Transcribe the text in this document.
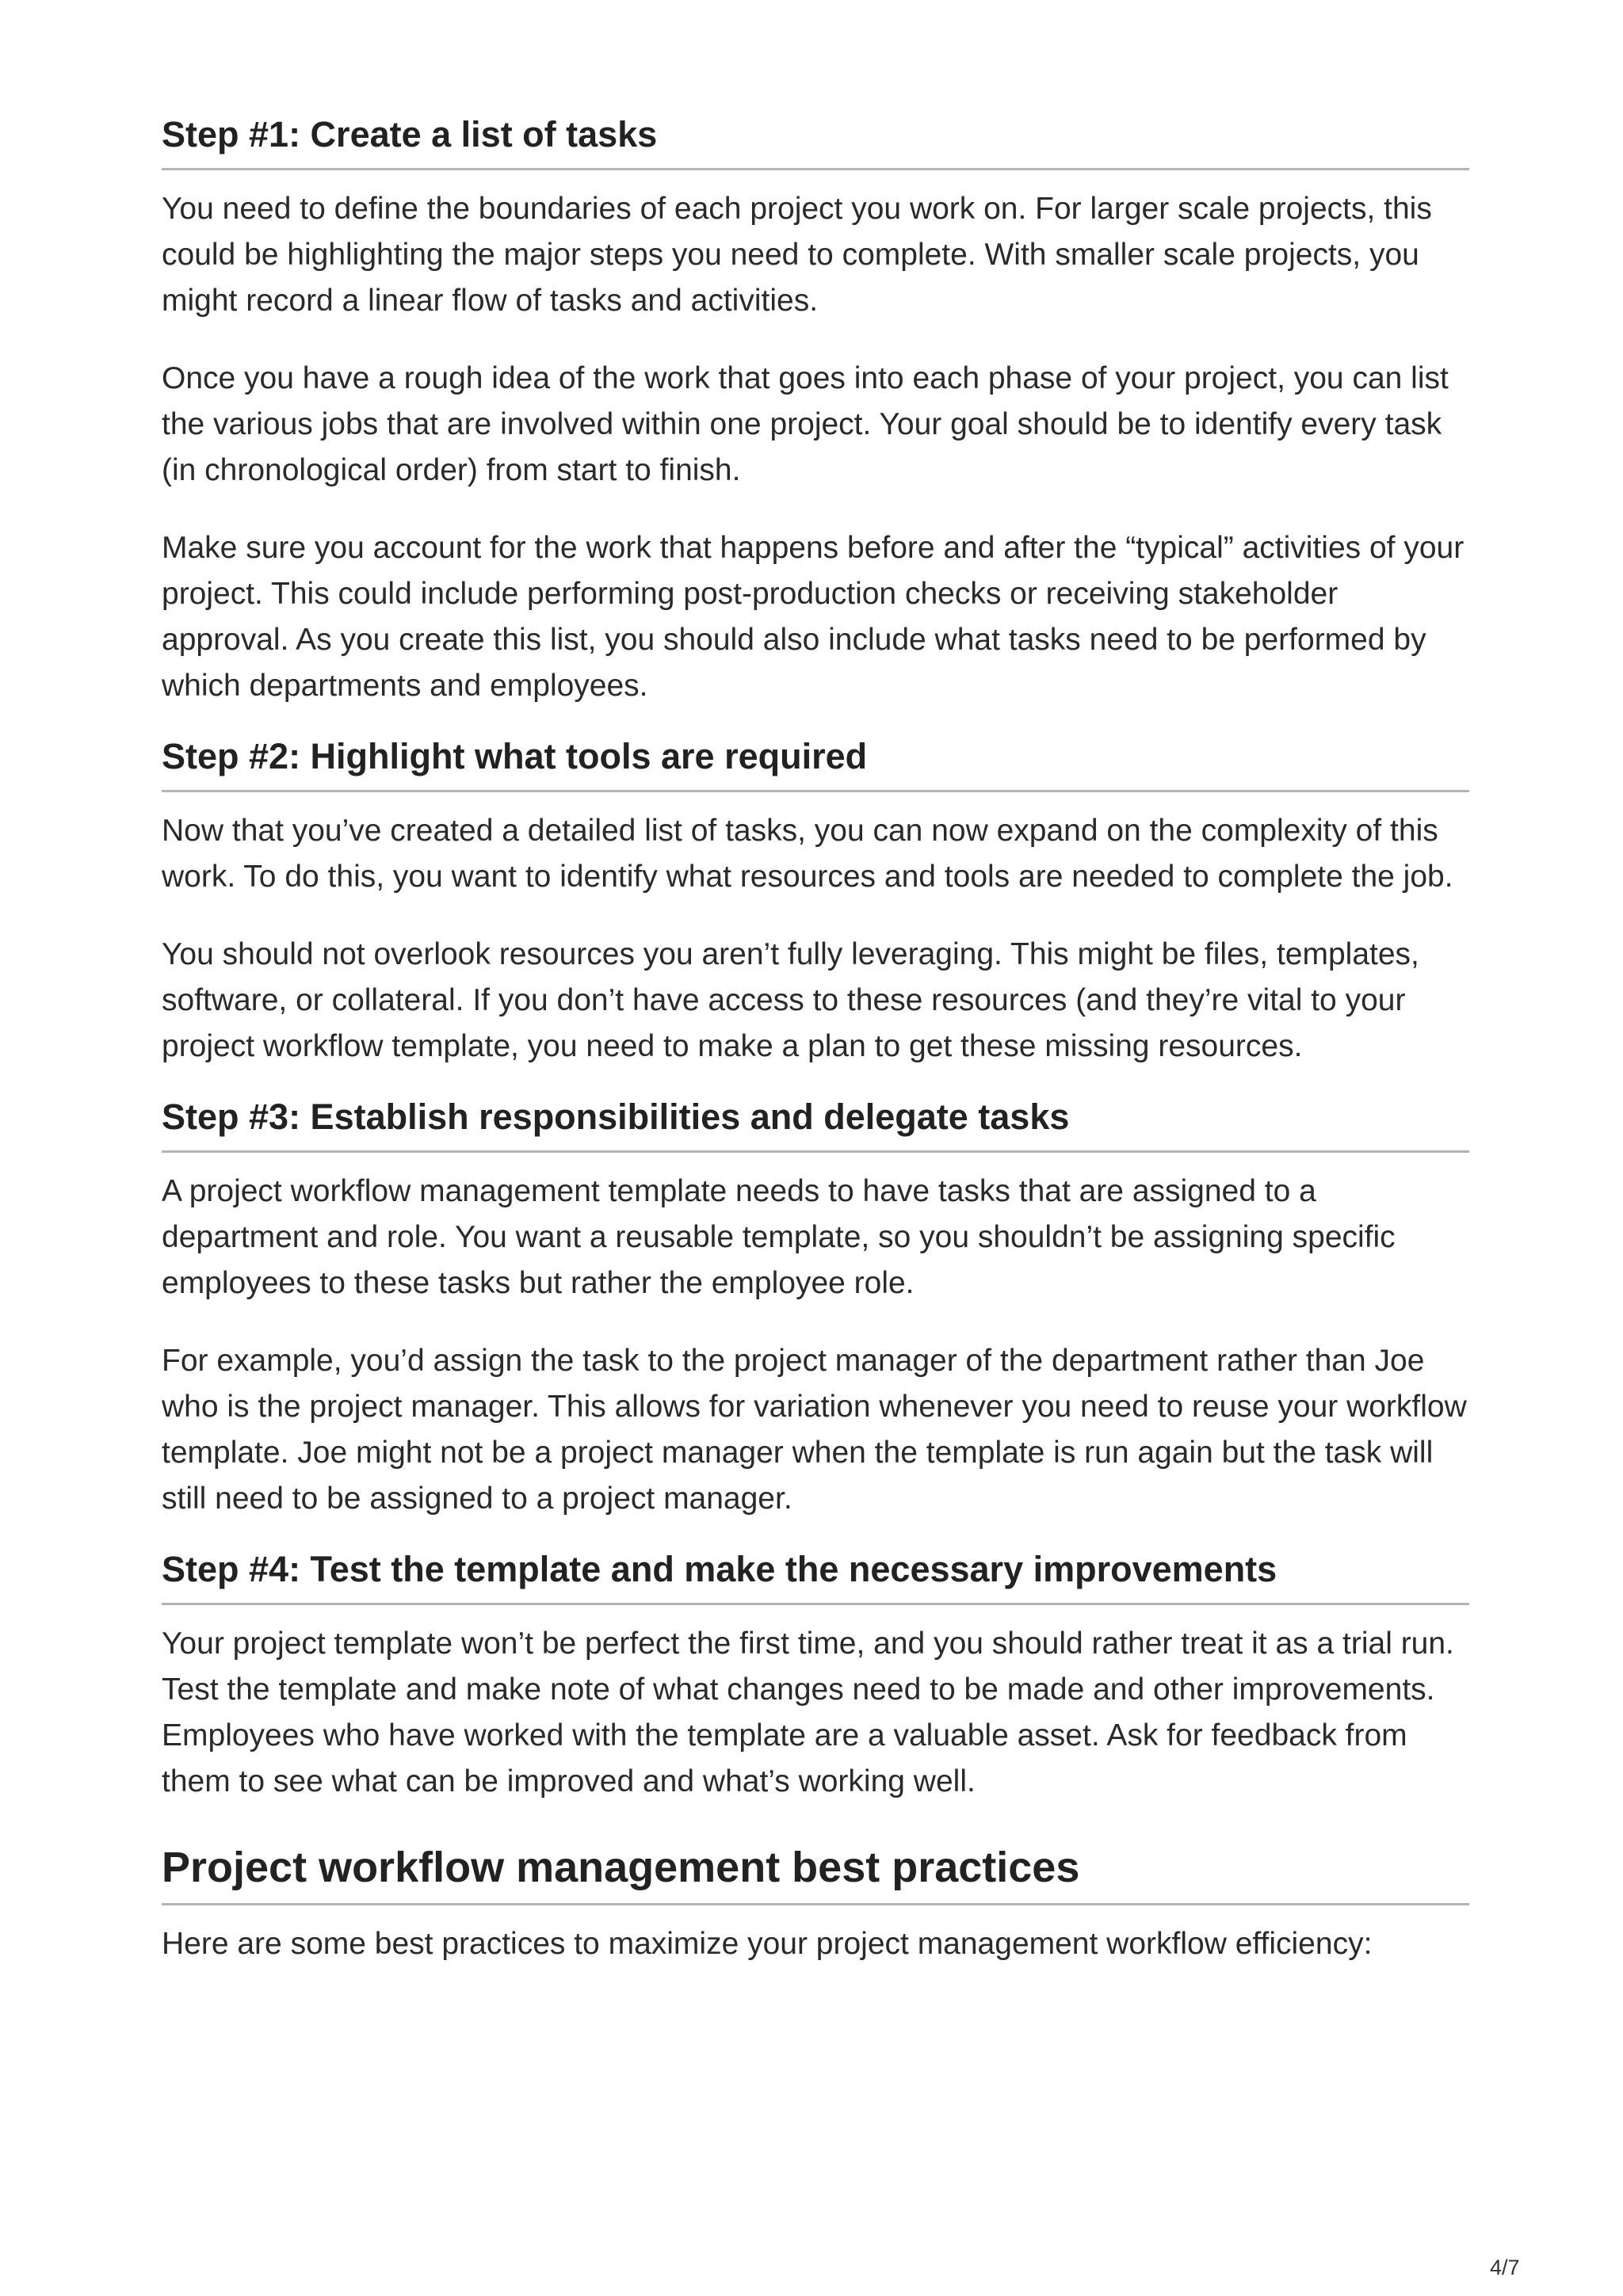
Step #1: Create a list of tasks

You need to define the boundaries of each project you work on. For larger scale projects, this could be highlighting the major steps you need to complete. With smaller scale projects, you might record a linear flow of tasks and activities.

Once you have a rough idea of the work that goes into each phase of your project, you can list the various jobs that are involved within one project. Your goal should be to identify every task (in chronological order) from start to finish.

Make sure you account for the work that happens before and after the “typical” activities of your project. This could include performing post-production checks or receiving stakeholder approval. As you create this list, you should also include what tasks need to be performed by which departments and employees.

Step #2: Highlight what tools are required

Now that you’ve created a detailed list of tasks, you can now expand on the complexity of this work. To do this, you want to identify what resources and tools are needed to complete the job.

You should not overlook resources you aren’t fully leveraging. This might be files, templates, software, or collateral. If you don’t have access to these resources (and they’re vital to your project workflow template, you need to make a plan to get these missing resources.

Step #3: Establish responsibilities and delegate tasks

A project workflow management template needs to have tasks that are assigned to a department and role. You want a reusable template, so you shouldn’t be assigning specific employees to these tasks but rather the employee role.

For example, you’d assign the task to the project manager of the department rather than Joe who is the project manager. This allows for variation whenever you need to reuse your workflow template. Joe might not be a project manager when the template is run again but the task will still need to be assigned to a project manager.

Step #4: Test the template and make the necessary improvements

Your project template won’t be perfect the first time, and you should rather treat it as a trial run. Test the template and make note of what changes need to be made and other improvements. Employees who have worked with the template are a valuable asset. Ask for feedback from them to see what can be improved and what’s working well.

Project workflow management best practices

Here are some best practices to maximize your project management workflow efficiency:

4/7
